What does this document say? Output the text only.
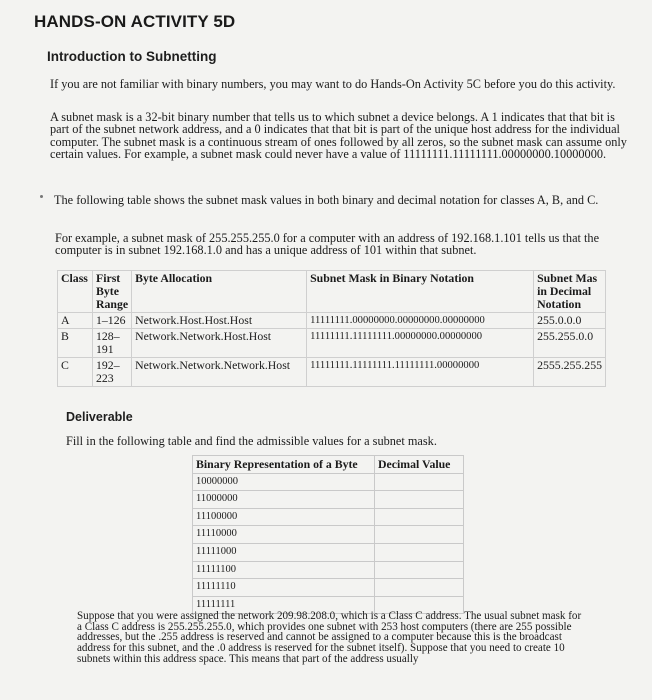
HANDS-ON ACTIVITY 5D
Introduction to Subnetting

If you are not familiar with binary numbers, you may want to do Hands-On Activity 5C before you do this activity.

A subnet mask is a 32-bit binary number that tells us to which subnet a device belongs. A 1 indicates that that bit is part of the subnet network address, and a 0 indicates that that bit is part of the unique host address for the individual computer. The subnet mask is a continuous stream of ones followed by all zeros, so the subnet mask can assume only certain values. For example, a subnet mask could never have a value of 11111111.11111111.00000000.10000000.

The following table shows the subnet mask values in both binary and decimal notation for classes A, B, and C.

For example, a subnet mask of 255.255.255.0 for a computer with an address of 192.168.1.101 tells us that the computer is in subnet 192.168.1.0 and has a unique address of 101 within that subnet.

Class	First Byte Range	Byte Allocation	Subnet Mask in Binary Notation	Subnet Mas in Decimal Notation
A	1–126	Network.Host.Host.Host	11111111.00000000.00000000.00000000	255.0.0.0
B	128–191	Network.Network.Host.Host	11111111.11111111.00000000.00000000	255.255.0.0
C	192–223	Network.Network.Network.Host	11111111.11111111.11111111.00000000	2555.255.255
Deliverable

Fill in the following table and find the admissible values for a subnet mask.

Binary Representation of a Byte	Decimal Value
10000000	
11000000	
11100000	
11110000	
11111000	
11111100	
11111110	
11111111	

Suppose that you were assigned the network 209.98.208.0, which is a Class C address. The usual subnet mask for a Class C address is 255.255.255.0, which provides one subnet with 253 host computers (there are 255 possible addresses, but the .255 address is reserved and cannot be assigned to a computer because this is the broadcast address for this subnet, and the .0 address is reserved for the subnet itself). Suppose that you need to create 10 subnets within this address space. This means that part of the address usually
